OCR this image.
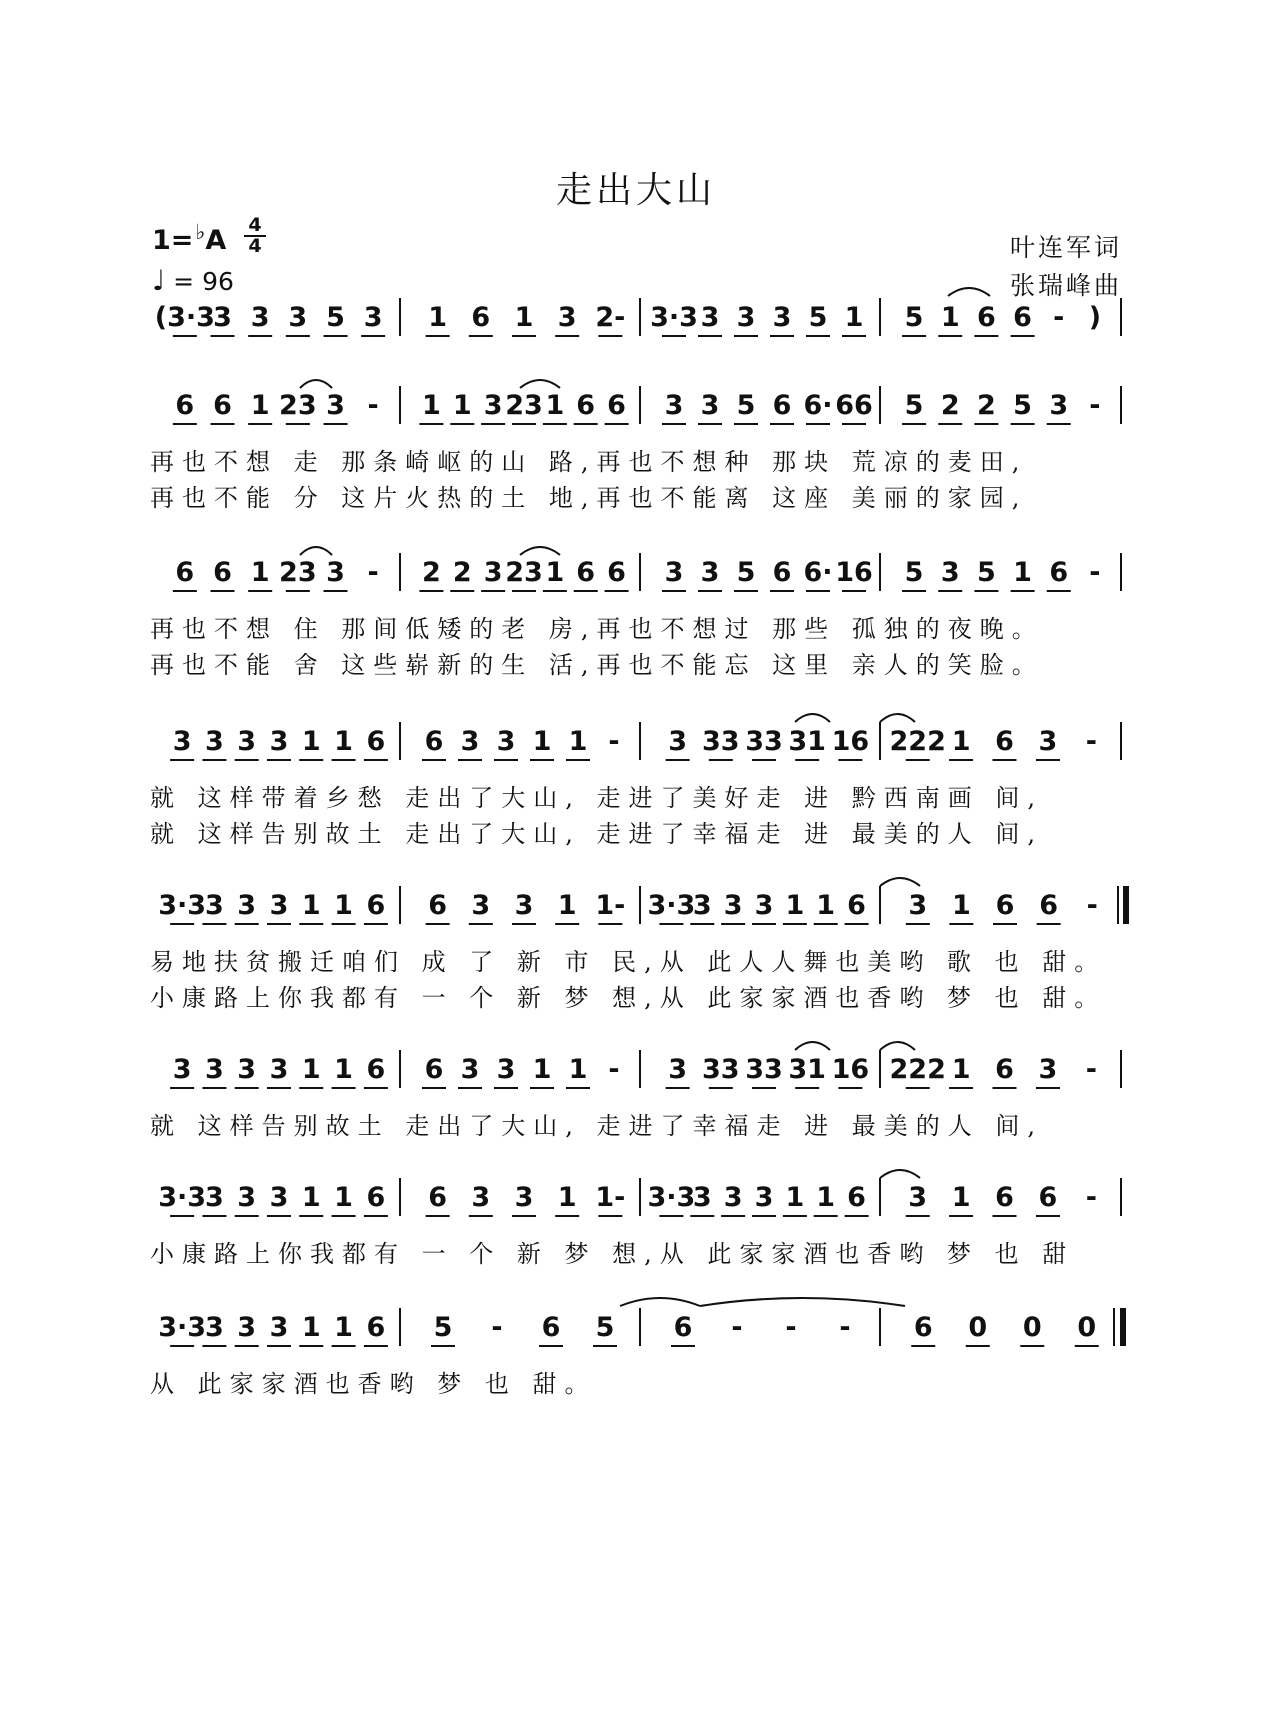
走出大山
$1=^♭A \frac{4}{4}$
♩ = 96
叶连军词
张瑞峰曲
(3·3
3 3 3 5 3 1 6 1 3 2- 3·3 3 3 3 5 1 5 1 6 6 - )
6 6 1 23 3 - 1 1 3 23 1 6 6 3 3 5 6 6· 66 5 2 2 5 3 -
6 6 1 23 3 - 2 2 3 23 1 6 6 3 3 5 6 6· 16 5 3 5 1 6 -
3 3 3 3 1 1 6 6 3 3 1 1 - 3 33 33 31 16 222 1 6 3 -
3·3
3 3 3 1 1 6 6 3 3 1 1- 3·3
3 3 3 1 1 6 3 1 6 6 -
3 3 3 3 1 1 6 6 3 3 1 1 - 3 33 33 31 16 222 1 6 3 -
3·3
3 3 3 1 1 6 6 3 3 1 1- 3·3
3 3 3 1 1 6 3 1 6 6 -
3·3
3 3 3 1 1 6 5 - 6 5 6 - - - 6 0 0 0
再也不想 走 那条崎岖的山 路,再也不想种 那块 荒凉的麦田,
再也不能 分 这片火热的土 地,再也不能离 这座 美丽的家园,
再也不想 住 那间低矮的老 房,再也不想过 那些 孤独的夜晚。
再也不能 舍 这些崭新的生 活,再也不能忘 这里 亲人的笑脸。
就 这样带着乡愁 走出了大山, 走进了美好走 进 黔西南画 间,
就 这样告别故土 走出了大山, 走进了幸福走 进 最美的人 间,
易地扶贫搬迁咱们 成 了 新 市 民,从 此人人舞也美哟 歌 也 甜。
小康路上你我都有 一 个 新 梦 想,从 此家家酒也香哟 梦 也 甜。
就 这样告别故土 走出了大山, 走进了幸福走 进 最美的人 间,
小康路上你我都有 一 个 新 梦 想,从 此家家酒也香哟 梦 也 甜
从 此家家酒也香哟 梦 也 甜。
